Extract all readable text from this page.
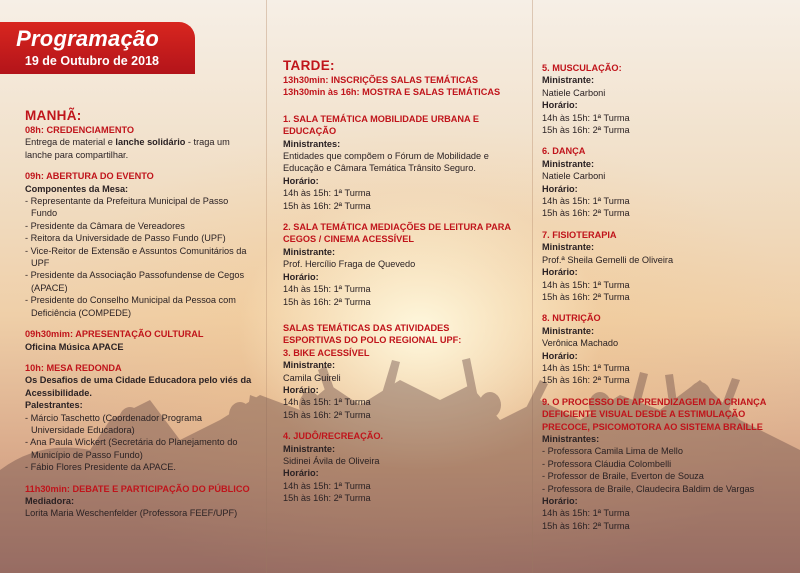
Programação
19 de Outubro de 2018

MANHÃ:

08h: CREDENCIAMENTO

Entrega de material e lanche solidário - traga um

lanche para compartilhar.

09h: ABERTURA DO EVENTO

Componentes da Mesa:

- Representante da Prefeitura Municipal de Passo

Fundo

- Presidente da Câmara de Vereadores

- Reitora da Universidade de Passo Fundo (UPF)

- Vice-Reitor de Extensão e Assuntos Comunitários da

UPF

- Presidente da Associação Passofundense de Cegos

(APACE)

- Presidente do Conselho Municipal da Pessoa com

Deficiência (COMPEDE)

09h30mim: APRESENTAÇÃO CULTURAL

Oficina Música APACE

10h: MESA REDONDA

Os Desafios de uma Cidade Educadora pelo viés da

Acessibilidade.

Palestrantes:

- Márcio Taschetto (Coordenador Programa

Universidade Educadora)

- Ana Paula Wickert (Secretária do Planejamento do

Município de Passo Fundo)

- Fábio Flores Presidente da APACE.

11h30min: DEBATE E PARTICIPAÇÃO DO PÚBLICO

Mediadora:

Lorita Maria Weschenfelder (Professora FEEF/UPF)

TARDE:

13h30min: INSCRIÇÕES SALAS TEMÁTICAS

13h30min às 16h: MOSTRA E SALAS TEMÁTICAS

1. SALA TEMÁTICA MOBILIDADE URBANA E

EDUCAÇÃO

Ministrantes:

Entidades que compõem o Fórum de Mobilidade e

Educação e Câmara Temática Trânsito Seguro.

Horário:

14h às 15h: 1ª Turma

15h às 16h: 2ª Turma

2. SALA TEMÁTICA MEDIAÇÕES DE LEITURA PARA

CEGOS / CINEMA ACESSÍVEL

Ministrante:

Prof. Hercílio Fraga de Quevedo

Horário:

14h às 15h: 1ª Turma

15h às 16h: 2ª Turma

SALAS TEMÁTICAS DAS ATIVIDADES

ESPORTIVAS DO POLO REGIONAL UPF:

3. BIKE ACESSÍVEL

Ministrante:

Camila Guireli

Horário:

14h às 15h: 1ª Turma

15h às 16h: 2ª Turma

4. JUDÔ/RECREAÇÃO.

Ministrante:

Sidinei Ávila de Oliveira

Horário:

14h às 15h: 1ª Turma

15h às 16h: 2ª Turma

5. MUSCULAÇÃO:

Ministrante:

Natiele Carboni

Horário:

14h às 15h: 1ª Turma

15h às 16h: 2ª Turma

6. DANÇA

Ministrante:

Natiele Carboni

Horário:

14h às 15h: 1ª Turma

15h às 16h: 2ª Turma

7. FISIOTERAPIA

Ministrante:

Prof.ª Sheila Gemelli de Oliveira

Horário:

14h às 15h: 1ª Turma

15h às 16h: 2ª Turma

8. NUTRIÇÃO

Ministrante:

Verônica Machado

Horário:

14h às 15h: 1ª Turma

15h às 16h: 2ª Turma

9. O PROCESSO DE APRENDIZAGEM DA CRIANÇA

DEFICIENTE VISUAL DESDE A ESTIMULAÇÃO

PRECOCE, PSICOMOTORA AO SISTEMA BRAILLE

Ministrantes:

- Professora Camila Lima de Mello

- Professora Cláudia Colombelli

- Professor de Braile, Everton de Souza

- Professora de Braile, Claudecira Baldim de Vargas

Horário:

14h às 15h: 1ª Turma

15h às 16h: 2ª Turma
